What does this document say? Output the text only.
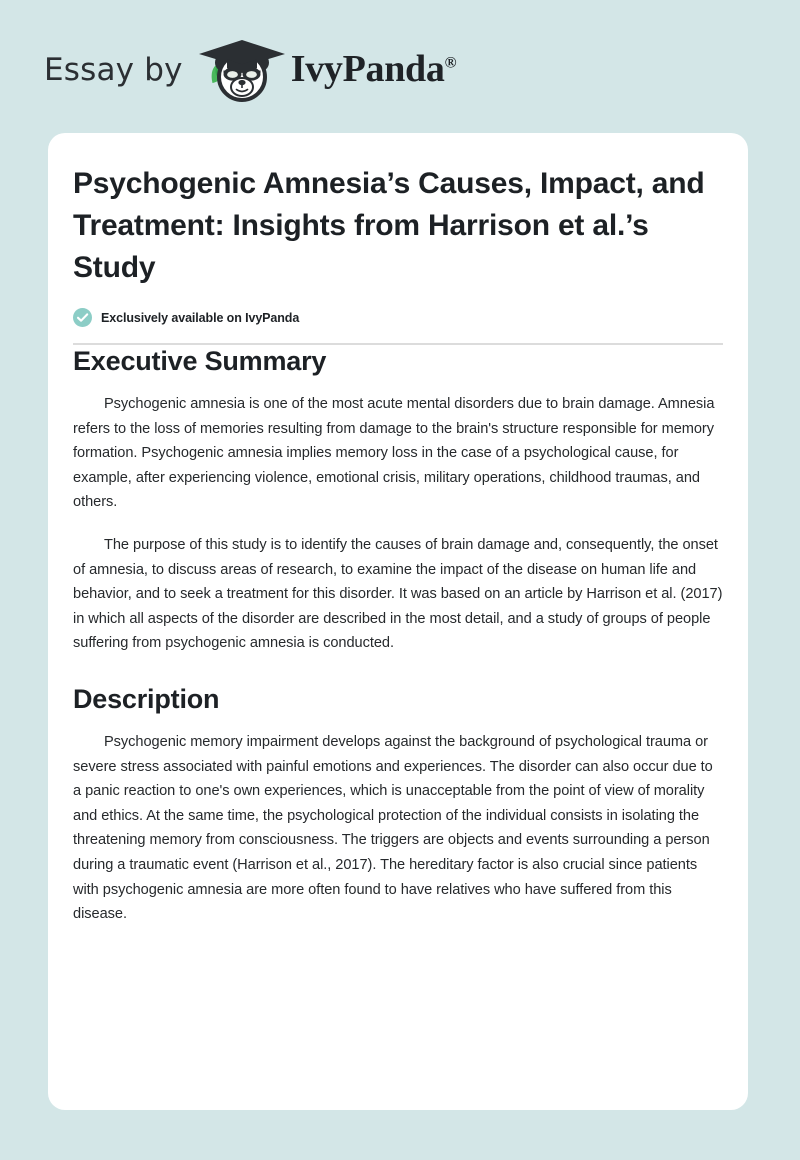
Essay by	IvyPanda®
Psychogenic Amnesia’s Causes, Impact, and Treatment: Insights from Harrison et al.’s Study
Exclusively available on IvyPanda
Executive Summary

Psychogenic amnesia is one of the most acute mental disorders due to brain damage. Amnesia refers to the loss of memories resulting from damage to the brain's structure responsible for memory formation. Psychogenic amnesia implies memory loss in the case of a psychological cause, for example, after experiencing violence, emotional crisis, military operations, childhood traumas, and others.

The purpose of this study is to identify the causes of brain damage and, consequently, the onset of amnesia, to discuss areas of research, to examine the impact of the disease on human life and behavior, and to seek a treatment for this disorder. It was based on an article by Harrison et al. (2017) in which all aspects of the disorder are described in the most detail, and a study of groups of people suffering from psychogenic amnesia is conducted.

Description

Psychogenic memory impairment develops against the background of psychological trauma or severe stress associated with painful emotions and experiences. The disorder can also occur due to a panic reaction to one's own experiences, which is unacceptable from the point of view of morality and ethics. At the same time, the psychological protection of the individual consists in isolating the threatening memory from consciousness. The triggers are objects and events surrounding a person during a traumatic event (Harrison et al., 2017). The hereditary factor is also crucial since patients with psychogenic amnesia are more often found to have relatives who have suffered from this disease.
